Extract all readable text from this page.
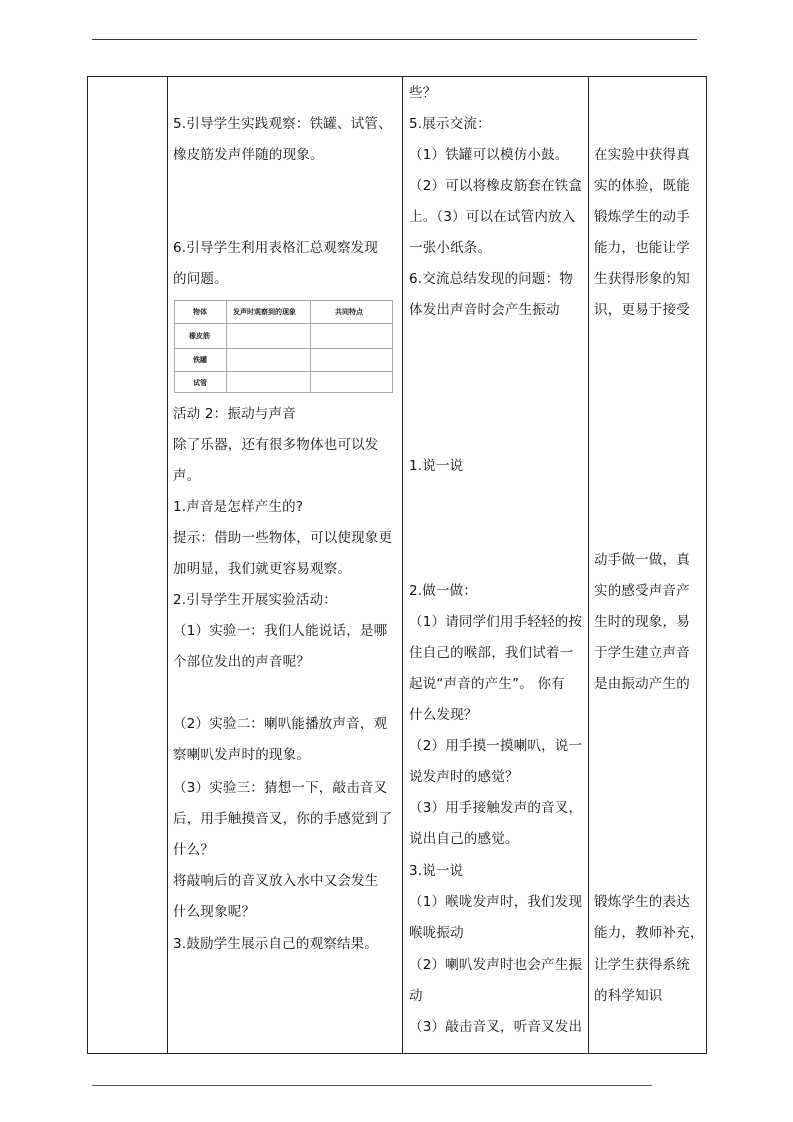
5.引导学生实践观察：铁罐、试管、
橡皮筋发声伴随的现象。
6.引导学生利用表格汇总观察发现
的问题。
物体	发声时观察到的现象	共同特点
橡皮筋
铁罐
试管
活动 2：振动与声音
除了乐器，还有很多物体也可以发
声。
1.声音是怎样产生的?
提示：借助一些物体，可以使现象更
加明显，我们就更容易观察。
2.引导学生开展实验活动：
（1）实验一：我们人能说话，是哪
个部位发出的声音呢？
（2）实验二：喇叭能播放声音，观
察喇叭发声时的现象。
（3）实验三：猜想一下，敲击音叉
后，用手触摸音叉，你的手感觉到了
什么？
将敲响后的音叉放入水中又会发生
什么现象呢？
3.鼓励学生展示自己的观察结果。
些？
5.展示交流：
（1）铁罐可以模仿小鼓。
（2）可以将橡皮筋套在铁盒
上。（3）可以在试管内放入
一张小纸条。
6.交流总结发现的问题：物
体发出声音时会产生振动
1.说一说
2.做一做：
（1）请同学们用手轻轻的按
住自己的喉部，我们试着一
起说“声音的产生”。 你有
什么发现？
（2）用手摸一摸喇叭，说一
说发声时的感觉？
（3）用手接触发声的音叉，
说出自己的感觉。
3.说一说
（1）喉咙发声时，我们发现
喉咙振动
（2）喇叭发声时也会产生振
动
（3）敲击音叉，听音叉发出
在实验中获得真
实的体验，既能
锻炼学生的动手
能力，也能让学
生获得形象的知
识，更易于接受
动手做一做，真
实的感受声音产
生时的现象，易
于学生建立声音
是由振动产生的
锻炼学生的表达
能力，教师补充，
让学生获得系统
的科学知识
